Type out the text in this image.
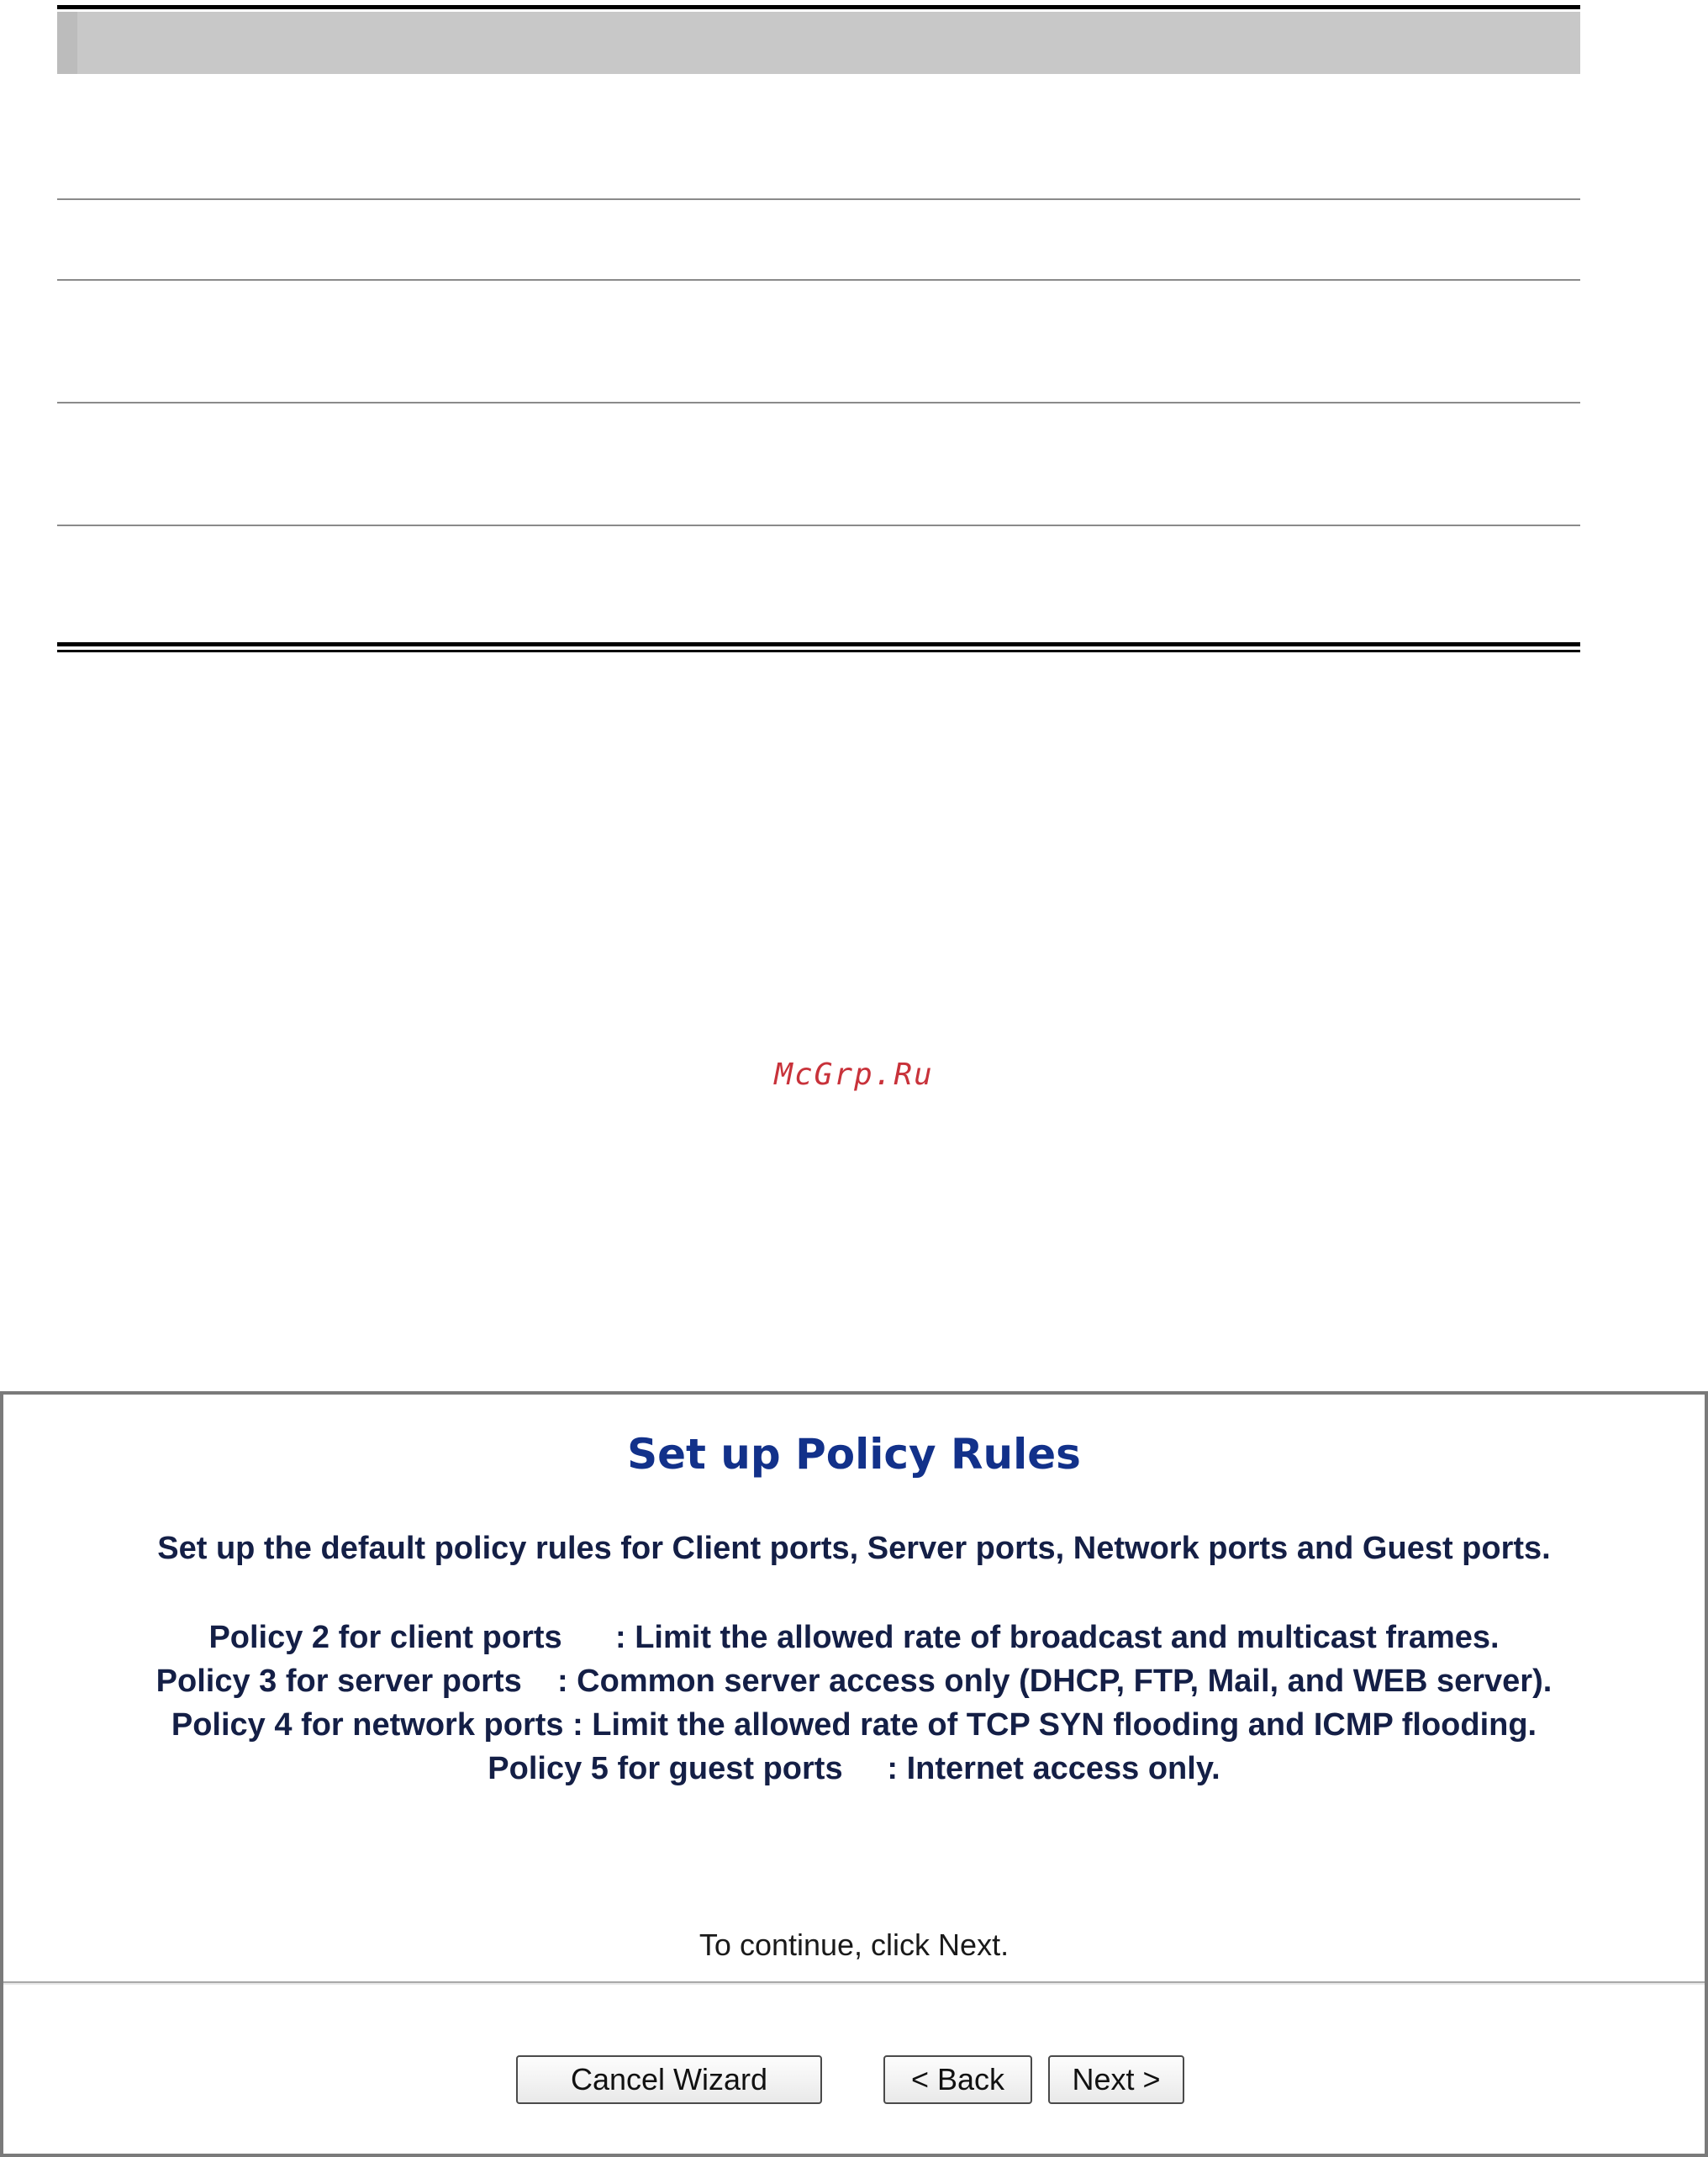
McGrp.Ru
Set up Policy Rules
Set up the default policy rules for Client ports, Server ports, Network ports and Guest ports.
Policy 2 for client ports      : Limit the allowed rate of broadcast and multicast frames.
Policy 3 for server ports    : Common server access only (DHCP, FTP, Mail, and WEB server).
Policy 4 for network ports : Limit the allowed rate of TCP SYN flooding and ICMP flooding.
Policy 5 for guest ports     : Internet access only.
To continue, click Next.
Cancel Wizard	< Back	Next >
